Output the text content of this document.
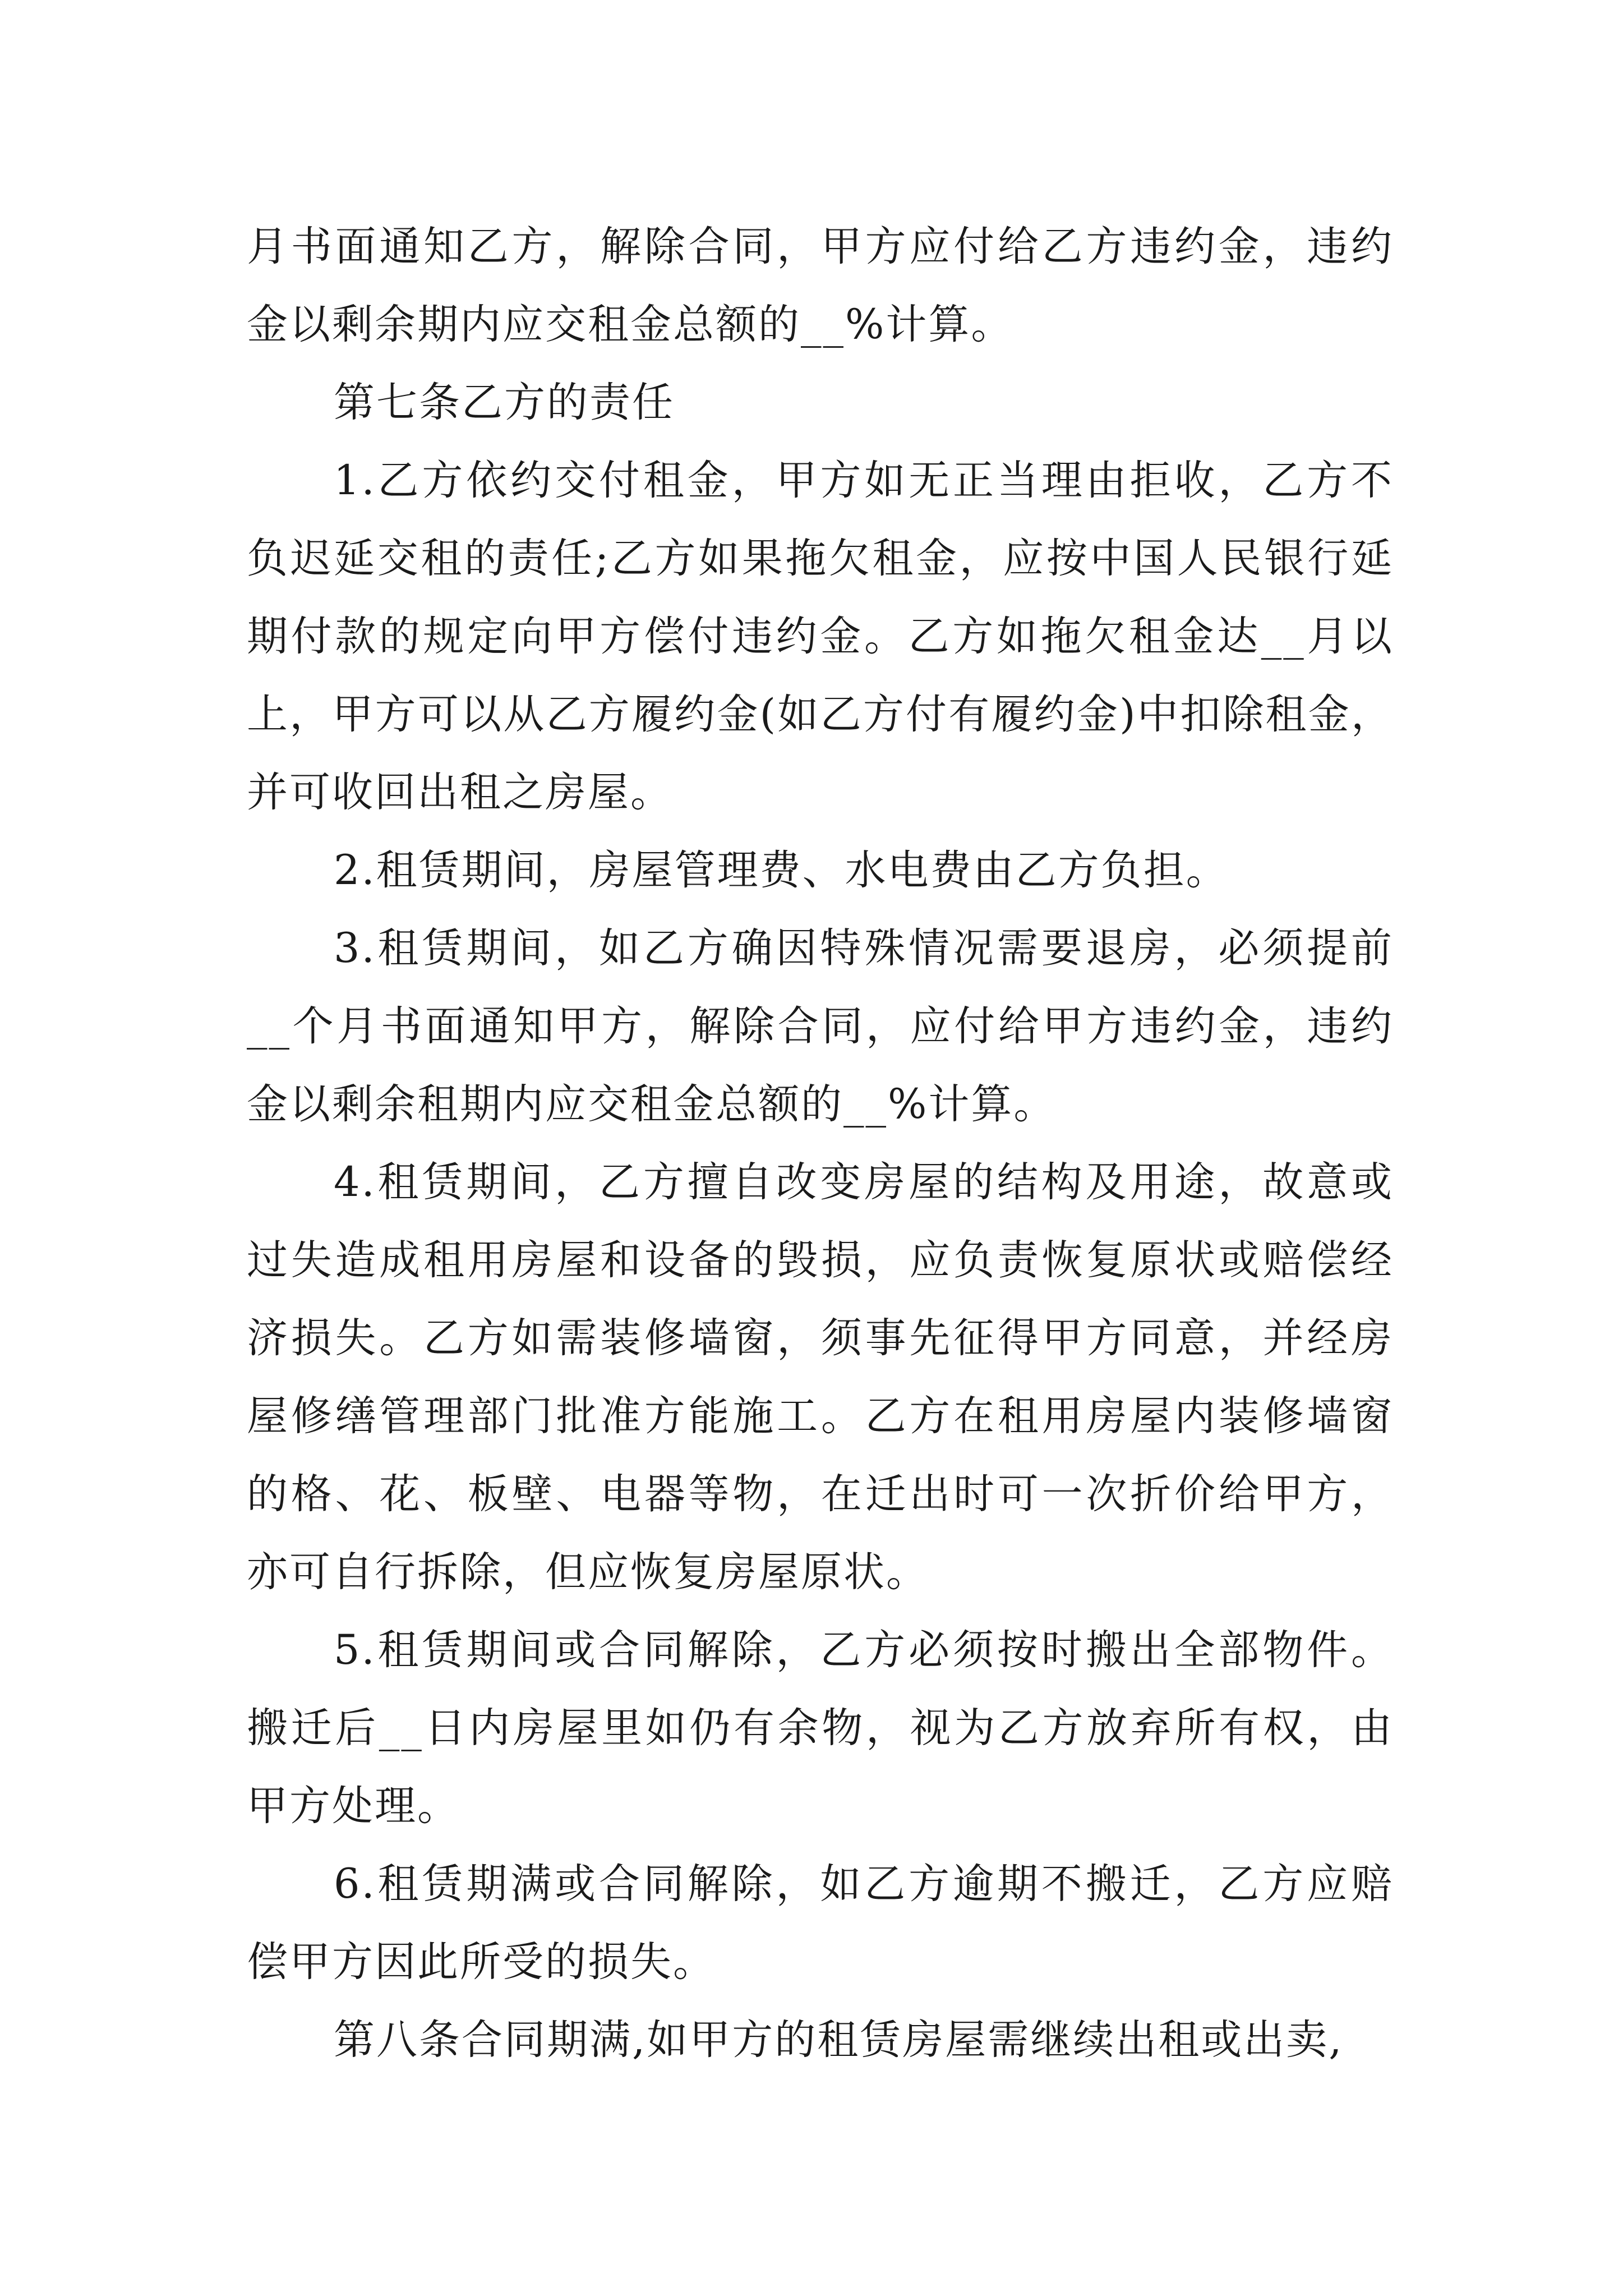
月书面通知乙方，解除合同，甲方应付给乙方违约金，违约金以剩余期内应交租金总额的__%计算。

第七条乙方的责任

1.乙方依约交付租金，甲方如无正当理由拒收，乙方不负迟延交租的责任;乙方如果拖欠租金，应按中国人民银行延期付款的规定向甲方偿付违约金。乙方如拖欠租金达__月以上，甲方可以从乙方履约金(如乙方付有履约金)中扣除租金，并可收回出租之房屋。

2.租赁期间，房屋管理费、水电费由乙方负担。

3.租赁期间，如乙方确因特殊情况需要退房，必须提前__个月书面通知甲方，解除合同，应付给甲方违约金，违约金以剩余租期内应交租金总额的__%计算。

4.租赁期间，乙方擅自改变房屋的结构及用途，故意或过失造成租用房屋和设备的毁损，应负责恢复原状或赔偿经济损失。乙方如需装修墙窗，须事先征得甲方同意，并经房屋修缮管理部门批准方能施工。乙方在租用房屋内装修墙窗的格、花、板壁、电器等物，在迁出时可一次折价给甲方，亦可自行拆除，但应恢复房屋原状。

5.租赁期间或合同解除，乙方必须按时搬出全部物件。搬迁后__日内房屋里如仍有余物，视为乙方放弃所有权，由甲方处理。

6.租赁期满或合同解除，如乙方逾期不搬迁，乙方应赔偿甲方因此所受的损失。

第八条合同期满,如甲方的租赁房屋需继续出租或出卖,
